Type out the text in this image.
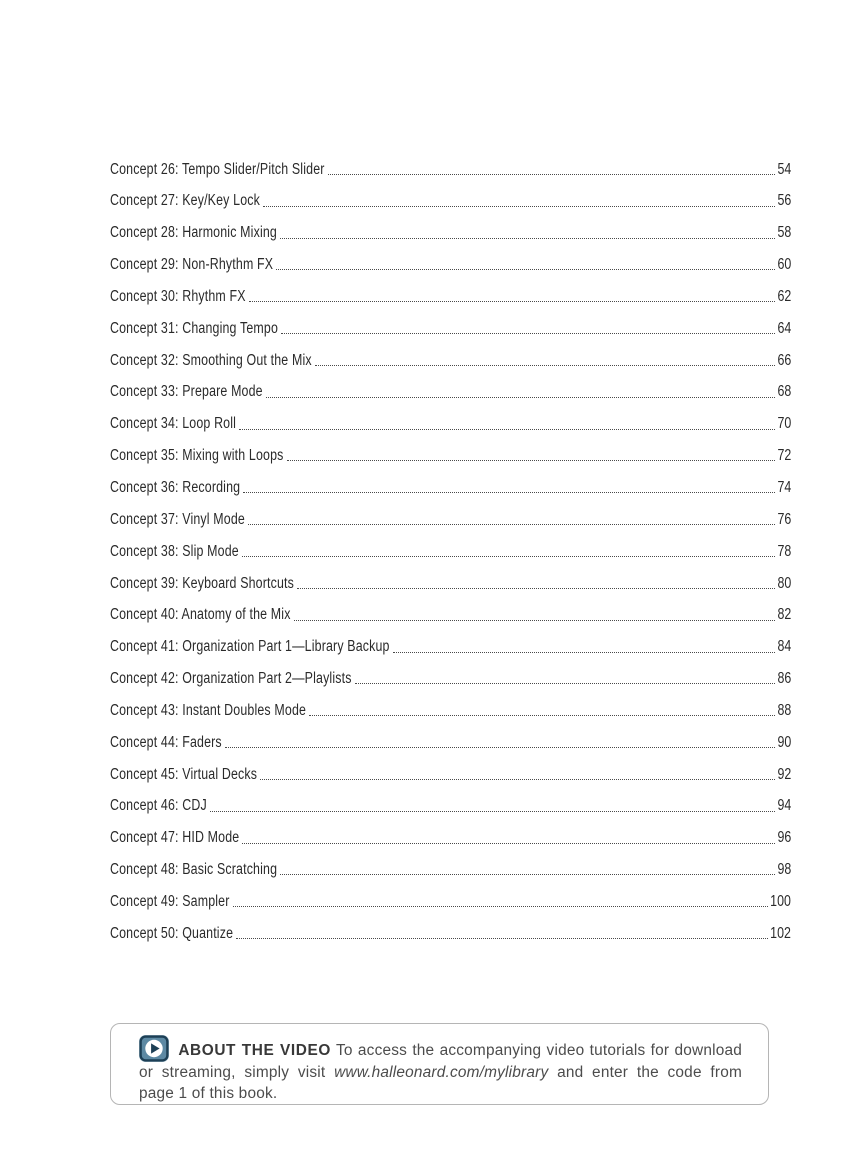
Concept 26: Tempo Slider/Pitch Slider	54
Concept 27: Key/Key Lock	56
Concept 28: Harmonic Mixing	58
Concept 29: Non-Rhythm FX	60
Concept 30: Rhythm FX	62
Concept 31: Changing Tempo	64
Concept 32: Smoothing Out the Mix	66
Concept 33: Prepare Mode	68
Concept 34: Loop Roll	70
Concept 35: Mixing with Loops	72
Concept 36: Recording	74
Concept 37: Vinyl Mode	76
Concept 38: Slip Mode	78
Concept 39: Keyboard Shortcuts	80
Concept 40: Anatomy of the Mix	82
Concept 41: Organization Part 1—Library Backup	84
Concept 42: Organization Part 2—Playlists	86
Concept 43: Instant Doubles Mode	88
Concept 44: Faders	90
Concept 45: Virtual Decks	92
Concept 46: CDJ	94
Concept 47: HID Mode	96
Concept 48: Basic Scratching	98
Concept 49: Sampler	100
Concept 50: Quantize	102

ABOUT THE VIDEO To access the accompanying video tutorials for download or streaming, simply visit www.halleonard.com/mylibrary and enter the code from page 1 of this book.
